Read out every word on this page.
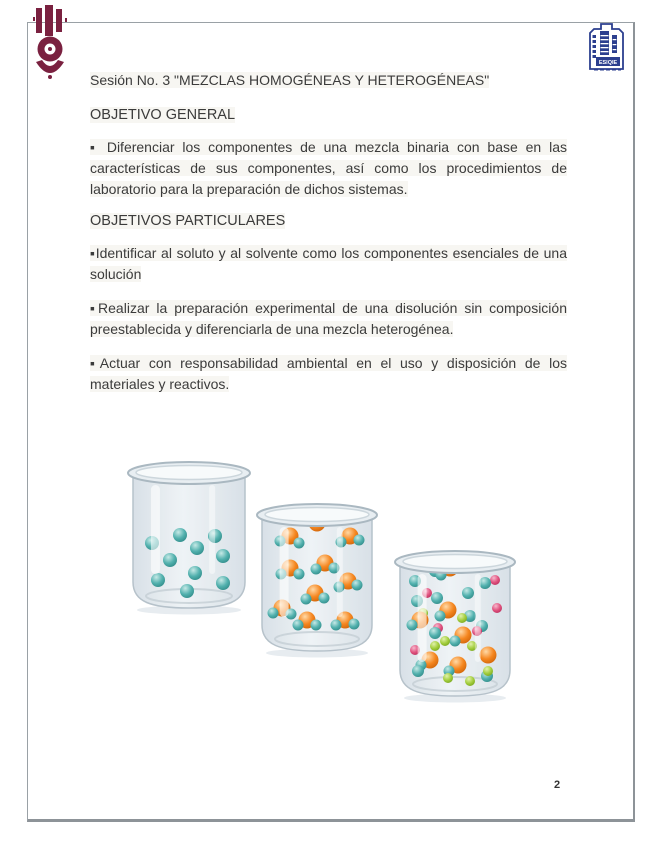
ESIQIE

Sesión No. 3 "MEZCLAS HOMOGÉNEAS Y HETEROGÉNEAS"

OBJETIVO GENERAL

▪ Diferenciar los componentes de una mezcla binaria con base en las características de sus componentes, así como los procedimientos de laboratorio para la preparación de dichos sistemas.

OBJETIVOS PARTICULARES

▪Identificar al soluto y al solvente como los componentes esenciales de una solución

▪Realizar la preparación experimental de una disolución sin composición preestablecida y diferenciarla de una mezcla heterogénea.

▪Actuar con responsabilidad ambiental en el uso y disposición de los materiales y reactivos.

2
